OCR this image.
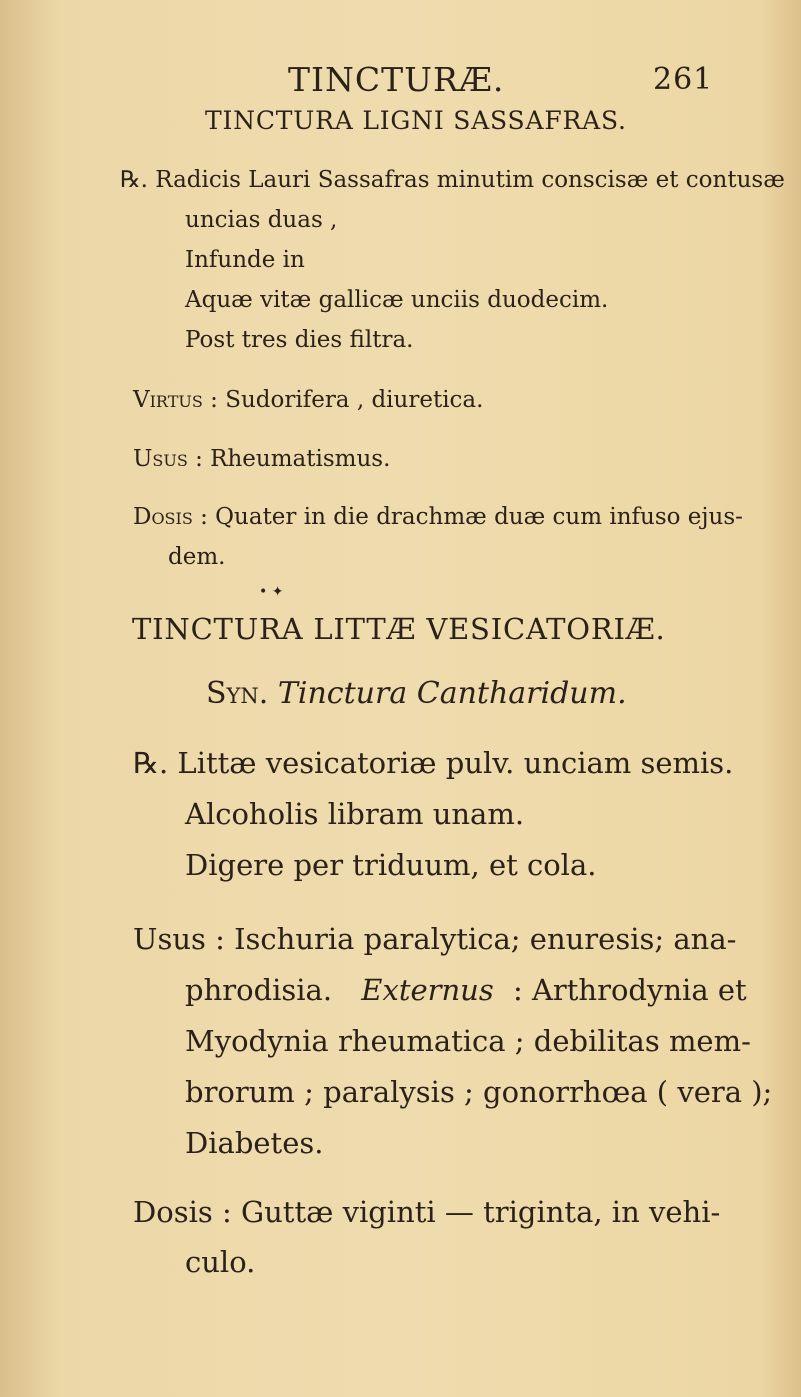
TINCTURÆ.	261
TINCTURA LIGNI SASSAFRAS.
℞. Radicis Lauri Sassafras minutim conscisæ et contusæ
uncias duas ,
Infunde in
Aquæ vitæ gallicæ unciis duodecim.
Post tres dies filtra.
Virtus : Sudorifera , diuretica.
Usus : Rheumatismus.
Dosis : Quater in die drachmæ duæ cum infuso ejus-
dem.
• ✦
TINCTURA LITTÆ VESICATORIÆ.
Syn. Tinctura Cantharidum.
℞. Littæ vesicatoriæ pulv. unciam semis.
Alcoholis libram unam.
Digere per triduum, et cola.
Usus : Ischuria paralytica; enuresis; ana-
phrodisia. Externus : Arthrodynia et
Myodynia rheumatica ; debilitas mem-
brorum ; paralysis ; gonorrhœa ( vera );
Diabetes.
Dosis : Guttæ viginti — triginta, in vehi-
culo.
